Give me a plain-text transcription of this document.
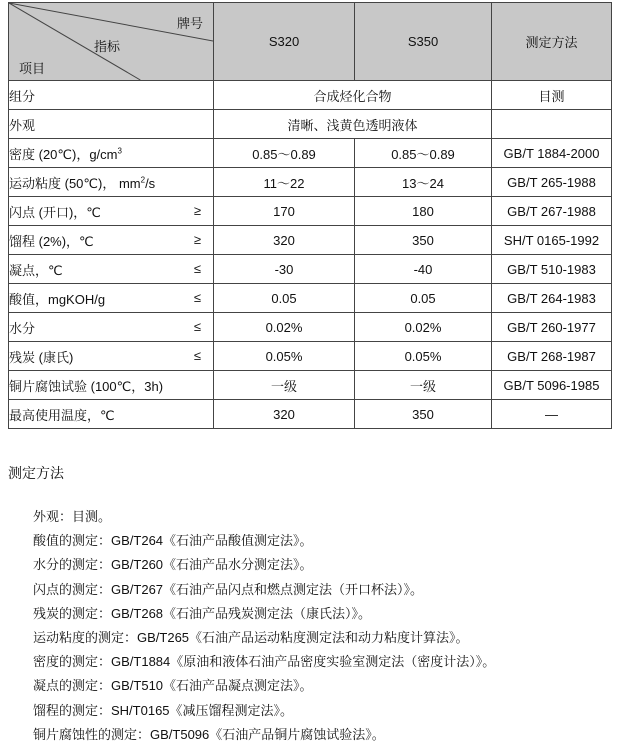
牌号
指标
项目	S320	S350	测定方法
组分	合成烃化合物		目测
外观	清晰、浅黄色透明液体		
密度 (20℃)，$g/cm^3$	0.85～0.89	0.85～0.89	GB/T 1884-2000
运动粘度 (50℃)， $mm^2/s$	11～22	13～24	GB/T 265-1988
闪点 (开口)，℃ ≥	170	180	GB/T 267-1988
馏程 (2%)，℃ ≥	320	350	SH/T 0165-1992
凝点，℃ ≤	-30	-40	GB/T 510-1983
酸值，mgKOH/g ≤	0.05	0.05	GB/T 264-1983
水分 ≤	0.02%	0.02%	GB/T 260-1977
残炭 (康氏) ≤	0.05%	0.05%	GB/T 268-1987
铜片腐蚀试验 (100℃，3h)	一级	一级	GB/T 5096-1985
最高使用温度，℃	320	350	—
测定方法
外观：目测。
酸值的测定：GB/T264《石油产品酸值测定法》。
水分的测定：GB/T260《石油产品水分测定法》。
闪点的测定：GB/T267《石油产品闪点和燃点测定法（开口杯法）》。
残炭的测定：GB/T268《石油产品残炭测定法（康氏法）》。
运动粘度的测定：GB/T265《石油产品运动粘度测定法和动力粘度计算法》。
密度的测定：GB/T1884《原油和液体石油产品密度实验室测定法（密度计法）》。
凝点的测定：GB/T510《石油产品凝点测定法》。
馏程的测定：SH/T0165《减压馏程测定法》。
铜片腐蚀性的测定：GB/T5096《石油产品铜片腐蚀试验法》。
